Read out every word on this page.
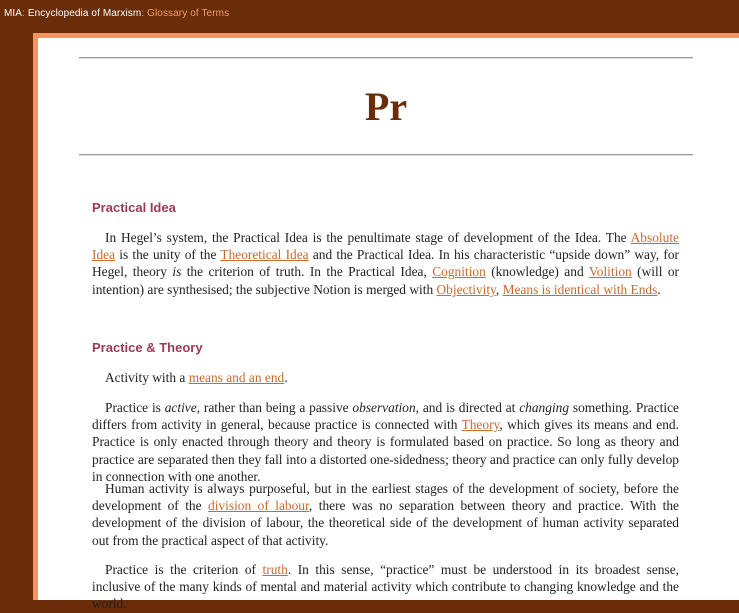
MIA: Encyclopedia of Marxism: Glossary of Terms
Pr
Practical Idea

In Hegel’s system, the Practical Idea is the penultimate stage of development of the Idea. The Absolute Idea is the unity of the Theoretical Idea and the Practical Idea. In his characteristic “upside down” way, for Hegel, theory is the criterion of truth. In the Practical Idea, Cognition (knowledge) and Volition (will or intention) are synthesised; the subjective Notion is merged with Objectivity, Means is identical with Ends.

Practice & Theory

Activity with a means and an end.

Practice is active, rather than being a passive observation, and is directed at changing something. Practice differs from activity in general, because practice is connected with Theory, which gives its means and end. Practice is only enacted through theory and theory is formulated based on practice. So long as theory and practice are separated then they fall into a distorted one-sidedness; theory and practice can only fully develop in connection with one another.

Human activity is always purposeful, but in the earliest stages of the development of society, before the development of the division of labour, there was no separation between theory and practice. With the development of the division of labour, the theoretical side of the development of human activity separated out from the practical aspect of that activity.

Practice is the criterion of truth. In this sense, “practice” must be understood in its broadest sense, inclusive of the many kinds of mental and material activity which contribute to changing knowledge and the world.
